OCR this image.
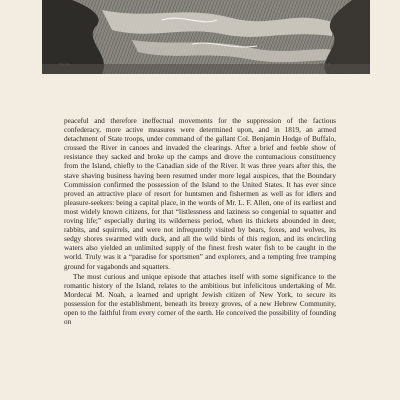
F.W. Sh.	HAYE.

peaceful and therefore ineffectual movements for the suppression of the factious confederacy, more active measures were determined upon, and in 1819, an armed detachment of State troops, under command of the gallant Col. Benjamin Hodge of Buffalo, crossed the River in canoes and invaded the clearings. After a brief and feeble show of resistance they sacked and broke up the camps and drove the contumacious constituency from the Island, chiefly to the Canadian side of the River. It was three years after this, the stave shaving business having been resumed under more legal auspices, that the Boundary Commission confirmed the possession of the Island to the United States. It has ever since proved an attractive place of resort for huntsmen and fishermen as well as for idlers and pleasure-seekers: being a capital place, in the words of Mr. L. F. Allen, one of its earliest and most widely known citizens, for that “listlessness and laziness so congenial to squatter and roving life;” especially during its wilderness period, when its thickets abounded in deer, rabbits, and squirrels, and were not infrequently visited by bears, foxes, and wolves, its sedgy shores swarmed with duck, and all the wild birds of this region, and its encircling waters also yielded an unlimited supply of the finest fresh water fish to be caught in the world. Truly was it a “paradise for sportsmen” and explorers, and a tempting free tramping ground for vagabonds and squatters.

The most curious and unique episode that attaches itself with some significance to the romantic history of the Island, relates to the ambitious but infelicitous undertaking of Mr. Mordecai M. Noah, a learned and upright Jewish citizen of New York, to secure its possession for the establishment, beneath its breezy groves, of a new Hebrew Community, open to the faithful from every corner of the earth. He conceived the possibility of founding on
